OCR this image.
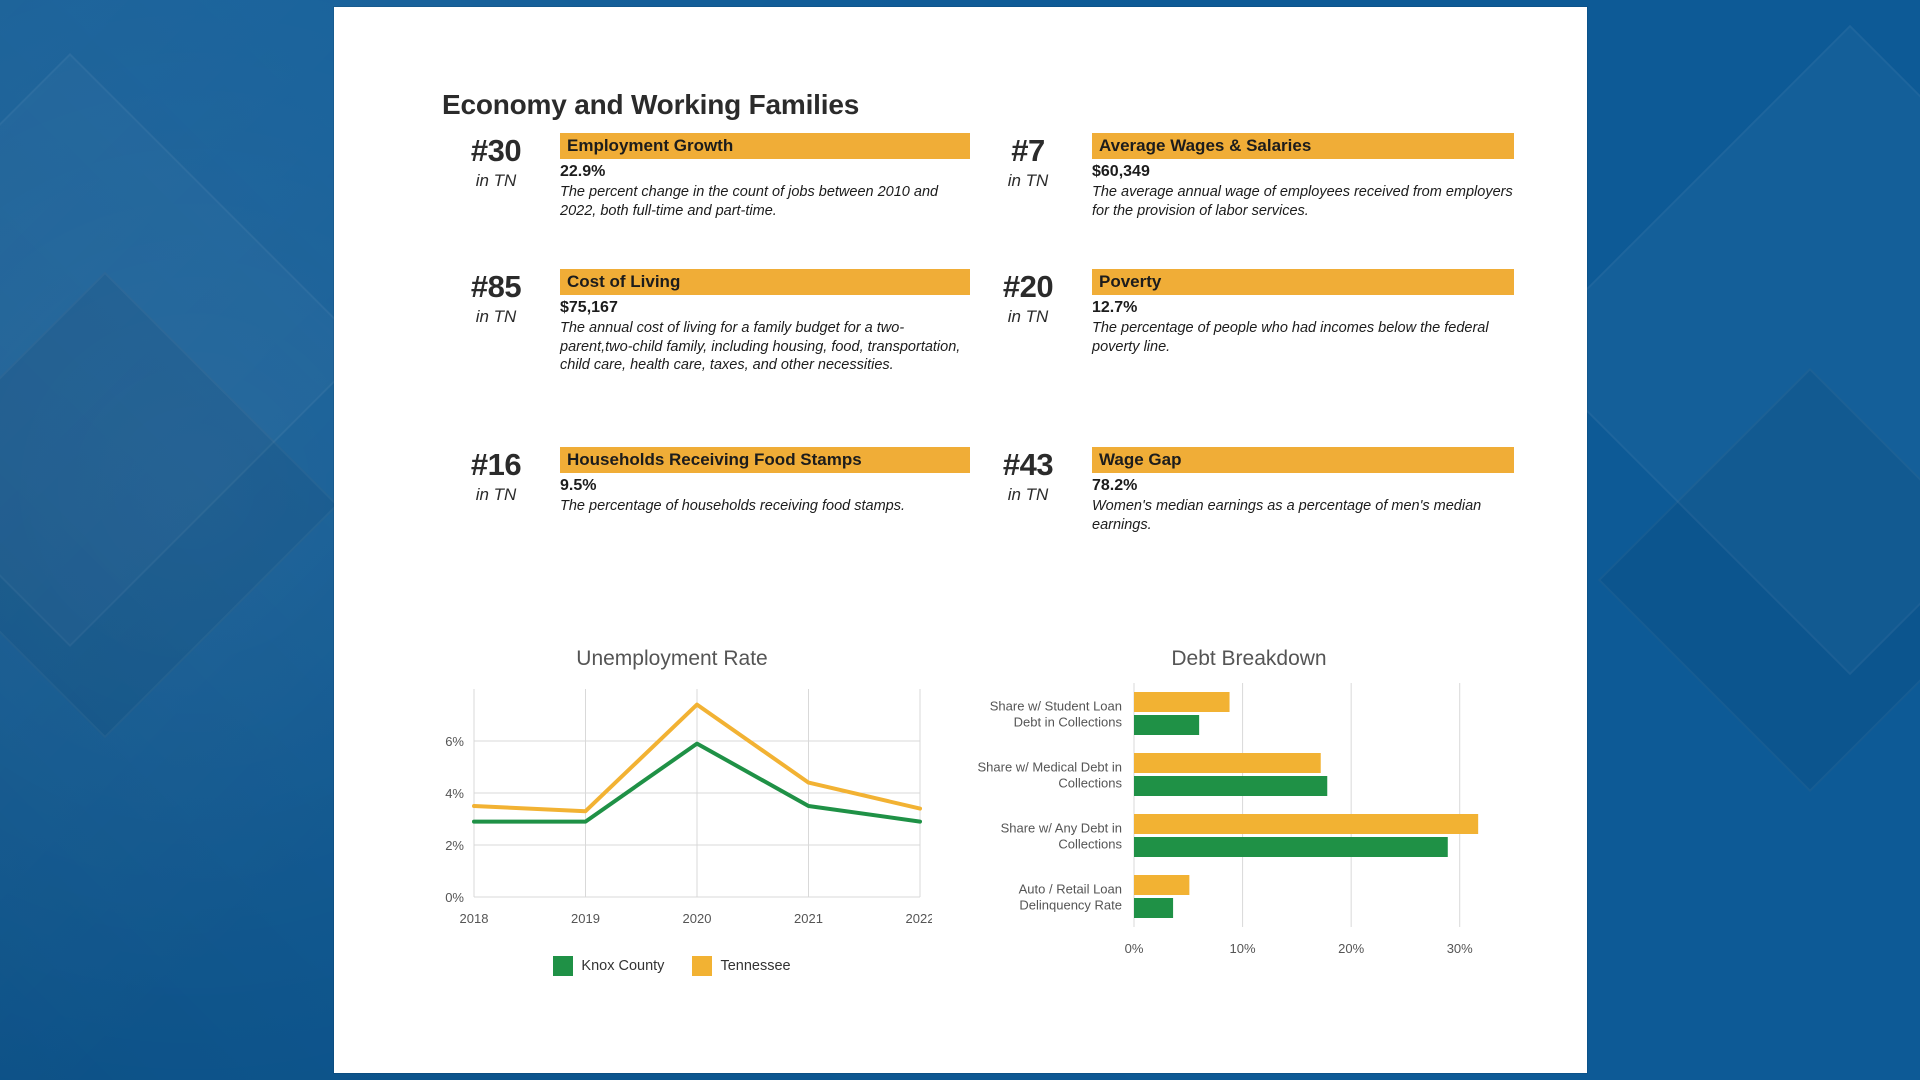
Economy and Working Families
#30
in TN
Employment Growth
22.9%
The percent change in the count of jobs between 2010 and 2022, both full-time and part-time.
#85
in TN
Cost of Living
$75,167
The annual cost of living for a family budget for a two-parent,two-child family, including housing, food, transportation, child care, health care, taxes, and other necessities.
#16
in TN
Households Receiving Food Stamps
9.5%
The percentage of households receiving food stamps.
#7
in TN
Average Wages & Salaries
$60,349
The average annual wage of employees received from employers for the provision of labor services.
#20
in TN
Poverty
12.7%
The percentage of people who had incomes below the federal poverty line.
#43
in TN
Wage Gap
78.2%
Women's median earnings as a percentage of men's median earnings.
Unemployment Rate
0%
2%
4%
6%
2018	2019	2020	2021	2022
Knox County	Tennessee
Debt Breakdown
0%	10%	20%	30%
Share w/ Student Loan
Debt in Collections
Share w/ Medical Debt in
Collections
Share w/ Any Debt in
Collections
Auto / Retail Loan
Delinquency Rate
